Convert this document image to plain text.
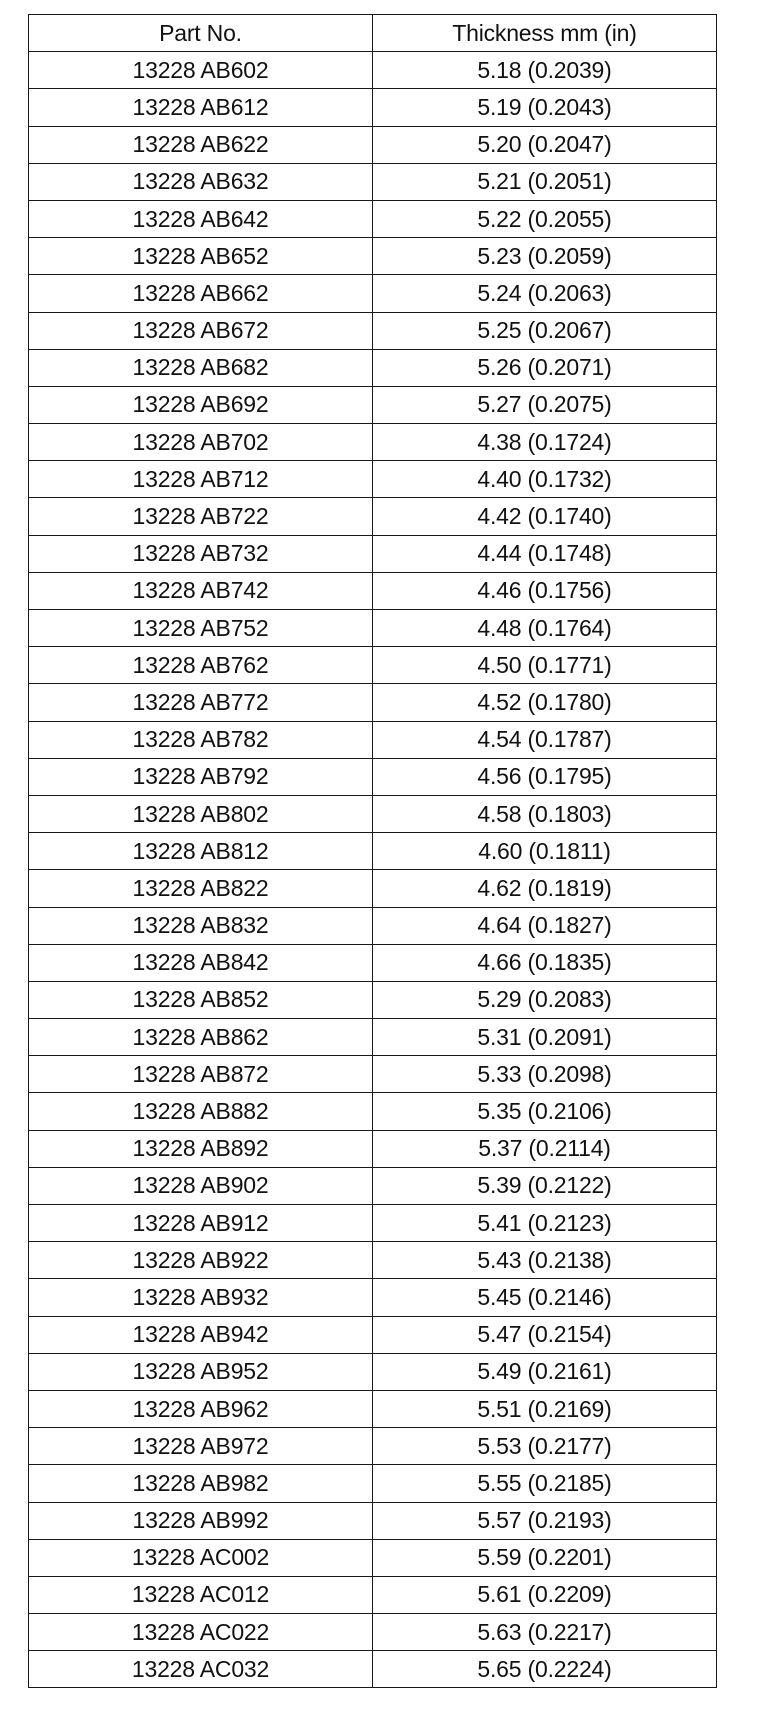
Part No.	Thickness mm (in)
13228 AB602	5.18 (0.2039)
13228 AB612	5.19 (0.2043)
13228 AB622	5.20 (0.2047)
13228 AB632	5.21 (0.2051)
13228 AB642	5.22 (0.2055)
13228 AB652	5.23 (0.2059)
13228 AB662	5.24 (0.2063)
13228 AB672	5.25 (0.2067)
13228 AB682	5.26 (0.2071)
13228 AB692	5.27 (0.2075)
13228 AB702	4.38 (0.1724)
13228 AB712	4.40 (0.1732)
13228 AB722	4.42 (0.1740)
13228 AB732	4.44 (0.1748)
13228 AB742	4.46 (0.1756)
13228 AB752	4.48 (0.1764)
13228 AB762	4.50 (0.1771)
13228 AB772	4.52 (0.1780)
13228 AB782	4.54 (0.1787)
13228 AB792	4.56 (0.1795)
13228 AB802	4.58 (0.1803)
13228 AB812	4.60 (0.1811)
13228 AB822	4.62 (0.1819)
13228 AB832	4.64 (0.1827)
13228 AB842	4.66 (0.1835)
13228 AB852	5.29 (0.2083)
13228 AB862	5.31 (0.2091)
13228 AB872	5.33 (0.2098)
13228 AB882	5.35 (0.2106)
13228 AB892	5.37 (0.2114)
13228 AB902	5.39 (0.2122)
13228 AB912	5.41 (0.2123)
13228 AB922	5.43 (0.2138)
13228 AB932	5.45 (0.2146)
13228 AB942	5.47 (0.2154)
13228 AB952	5.49 (0.2161)
13228 AB962	5.51 (0.2169)
13228 AB972	5.53 (0.2177)
13228 AB982	5.55 (0.2185)
13228 AB992	5.57 (0.2193)
13228 AC002	5.59 (0.2201)
13228 AC012	5.61 (0.2209)
13228 AC022	5.63 (0.2217)
13228 AC032	5.65 (0.2224)
